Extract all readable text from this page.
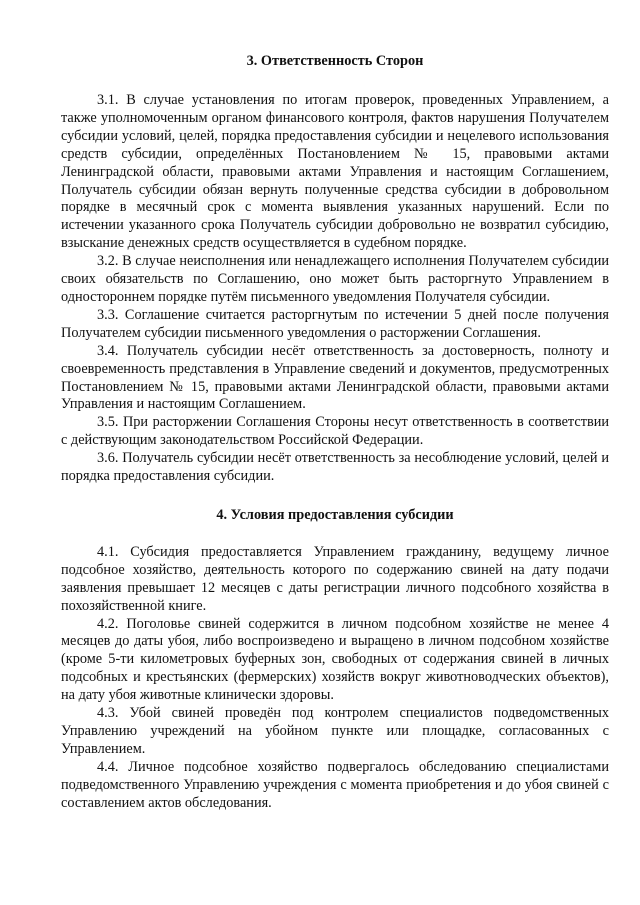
3. Ответственность Сторон

3.1. В случае установления по итогам проверок, проведенных Управлением, а также уполномоченным органом финансового контроля, фактов нарушения Получателем субсидии условий, целей, порядка предоставления субсидии и нецелевого использования средств субсидии, определённых Постановлением № 15, правовыми актами Ленинградской области, правовыми актами Управления и настоящим Соглашением, Получатель субсидии обязан вернуть полученные средства субсидии в добровольном порядке в месячный срок с момента выявления указанных нарушений. Если по истечении указанного срока Получатель субсидии добровольно не возвратил субсидию, взыскание денежных средств осуществляется в судебном порядке.

3.2. В случае неисполнения или ненадлежащего исполнения Получателем субсидии своих обязательств по Соглашению, оно может быть расторгнуто Управлением в одностороннем порядке путём письменного уведомления Получателя субсидии.

3.3. Соглашение считается расторгнутым по истечении 5 дней после получения Получателем субсидии письменного уведомления о расторжении Соглашения.

3.4. Получатель субсидии несёт ответственность за достоверность, полноту и своевременность представления в Управление сведений и документов, предусмотренных Постановлением № 15, правовыми актами Ленинградской области, правовыми актами Управления и настоящим Соглашением.

3.5. При расторжении Соглашения Стороны несут ответственность в соответствии с действующим законодательством Российской Федерации.

3.6. Получатель субсидии несёт ответственность за несоблюдение условий, целей и порядка предоставления субсидии.

4. Условия предоставления субсидии

4.1. Субсидия предоставляется Управлением гражданину, ведущему личное подсобное хозяйство, деятельность которого по содержанию свиней на дату подачи заявления превышает 12 месяцев с даты регистрации личного подсобного хозяйства в похозяйственной книге.

4.2. Поголовье свиней содержится в личном подсобном хозяйстве не менее 4 месяцев до даты убоя, либо воспроизведено и выращено в личном подсобном хозяйстве (кроме 5-ти километровых буферных зон, свободных от содержания свиней в личных подсобных и крестьянских (фермерских) хозяйств вокруг животноводческих объектов), на дату убоя животные клинически здоровы.

4.3. Убой свиней проведён под контролем специалистов подведомственных Управлению учреждений на убойном пункте или площадке, согласованных с Управлением.

4.4. Личное подсобное хозяйство подвергалось обследованию специалистами подведомственного Управлению учреждения с момента приобретения и до убоя свиней с составлением актов обследования.
